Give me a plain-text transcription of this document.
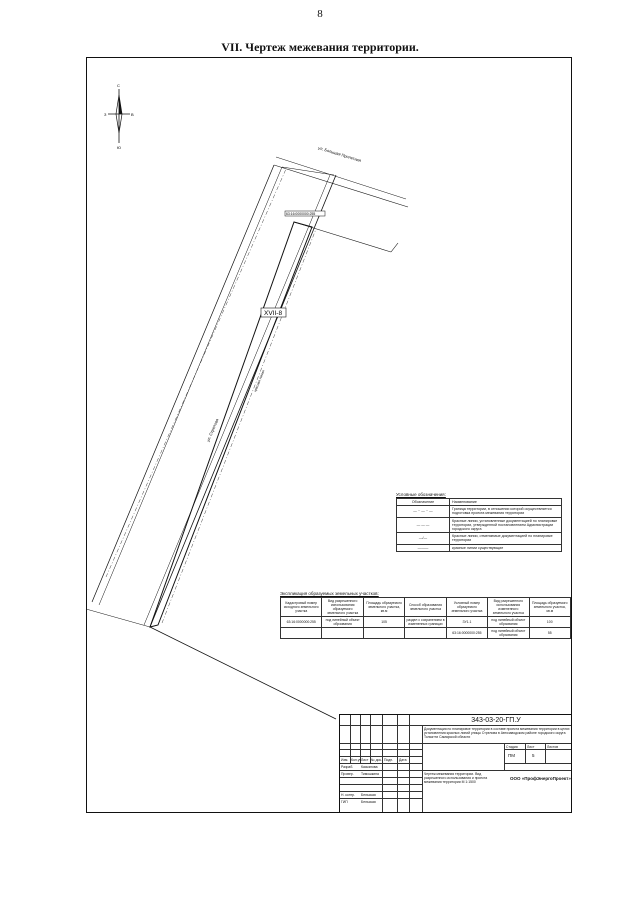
8
VII. Чертеж межевания территории.
С
Ю
З	В
63:16:0000000:255
XVII-8
ул. Большая Пролетная
ул. Стрелова
красная линия
Условные обозначения:
Обозначение	Наименование
— ·· — ·· —	Граница территории, в отношении которой осуществляется подготовка проекта межевания территории
— — —	Красные линии, установленные документацией по планировке территории, утвержденной постановлением Администрации городского округа
—/—	Красные линии, отменяемые документацией по планировке территории
———	красные линии существующие
Экспликация образуемых земельных участков:
Кадастровый номер исходного земельного участка	Вид разрешенного использования образуемого земельного участка	Площадь образуемого земельного участка, кв.м	Способ образования земельного участка	Условный номер образуемого земельного участка	Вид разрешенного использования измененного земельного участка	Площадь образуемого земельного участка, кв.м
63:16:0000000:255	под линейный объект обрзования	105	раздел с сохранением в измененных границах	ЗУ1.1	под линейный объект обрзования	100
				63:16:0000000:255	под линейный объект обрзования	55
343-03-20-ГП.У
Документация по планировке территории в составе проекта межевания территории в целях установления красных линий улицы Стрелова в Автозаводском районе городского округа Тольятти Самарской области
Изм. Кол.уч Лист № док. Подп. Дата
Разраб. Касьянова
Провер. Тимошкина
Н. контр. Бельская
ГИП	Бельская
Стадия	Лист	Листов
ПМ	5
Чертеж межевания территории. Вид разрешенного использования и проекта межевания территории М 1:1500
ООО «ПрофЭнергоПроект»
